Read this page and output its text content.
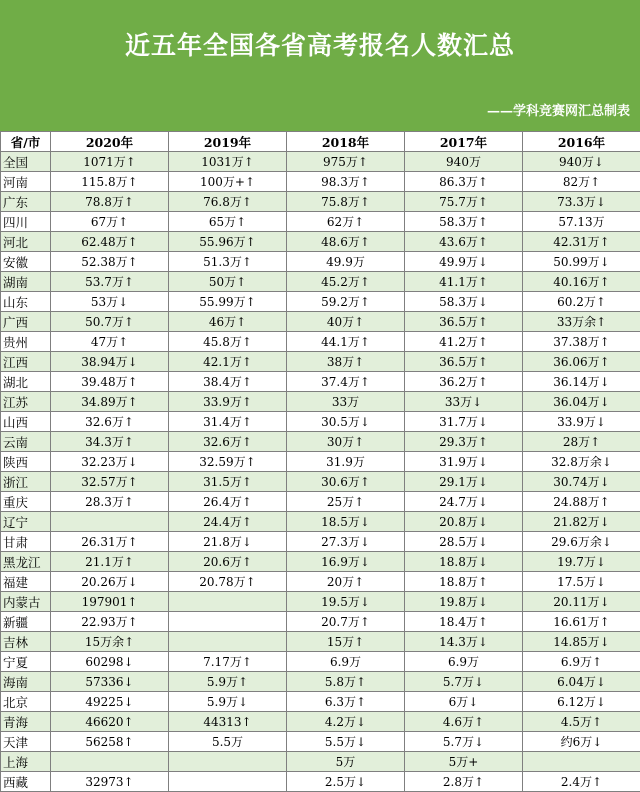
近五年全国各省高考报名人数汇总
——学科竞赛网汇总制表
省/市	2020年	2019年	2018年	2017年	2016年
全国	1071万↑	1031万↑	975万↑	940万	940万↓
河南	115.8万↑	100万+↑	98.3万↑	86.3万↑	82万↑
广东	78.8万↑	76.8万↑	75.8万↑	75.7万↑	73.3万↓
四川	67万↑	65万↑	62万↑	58.3万↑	57.13万
河北	62.48万↑	55.96万↑	48.6万↑	43.6万↑	42.31万↑
安徽	52.38万↑	51.3万↑	49.9万	49.9万↓	50.99万↓
湖南	53.7万↑	50万↑	45.2万↑	41.1万↑	40.16万↑
山东	53万↓	55.99万↑	59.2万↑	58.3万↓	60.2万↑
广西	50.7万↑	46万↑	40万↑	36.5万↑	33万余↑
贵州	47万↑	45.8万↑	44.1万↑	41.2万↑	37.38万↑
江西	38.94万↓	42.1万↑	38万↑	36.5万↑	36.06万↑
湖北	39.48万↑	38.4万↑	37.4万↑	36.2万↑	36.14万↓
江苏	34.89万↑	33.9万↑	33万	33万↓	36.04万↓
山西	32.6万↑	31.4万↑	30.5万↓	31.7万↓	33.9万↓
云南	34.3万↑	32.6万↑	30万↑	29.3万↑	28万↑
陕西	32.23万↓	32.59万↑	31.9万	31.9万↓	32.8万余↓
浙江	32.57万↑	31.5万↑	30.6万↑	29.1万↓	30.74万↓
重庆	28.3万↑	26.4万↑	25万↑	24.7万↓	24.88万↑
辽宁		24.4万↑	18.5万↓	20.8万↓	21.82万↓
甘肃	26.31万↑	21.8万↓	27.3万↓	28.5万↓	29.6万余↓
黑龙江	21.1万↑	20.6万↑	16.9万↓	18.8万↓	19.7万↓
福建	20.26万↓	20.78万↑	20万↑	18.8万↑	17.5万↓
内蒙古	197901↑		19.5万↓	19.8万↓	20.11万↓
新疆	22.93万↑		20.7万↑	18.4万↑	16.61万↑
吉林	15万余↑		15万↑	14.3万↓	14.85万↓
宁夏	60298↓	7.17万↑	6.9万	6.9万	6.9万↑
海南	57336↓	5.9万↑	5.8万↑	5.7万↓	6.04万↓
北京	49225↓	5.9万↓	6.3万↑	6万↓	6.12万↓
青海	46620↑	44313↑	4.2万↓	4.6万↑	4.5万↑
天津	56258↑	5.5万	5.5万↓	5.7万↓	约6万↓
上海			5万	5万+	
西藏	32973↑		2.5万↓	2.8万↑	2.4万↑
